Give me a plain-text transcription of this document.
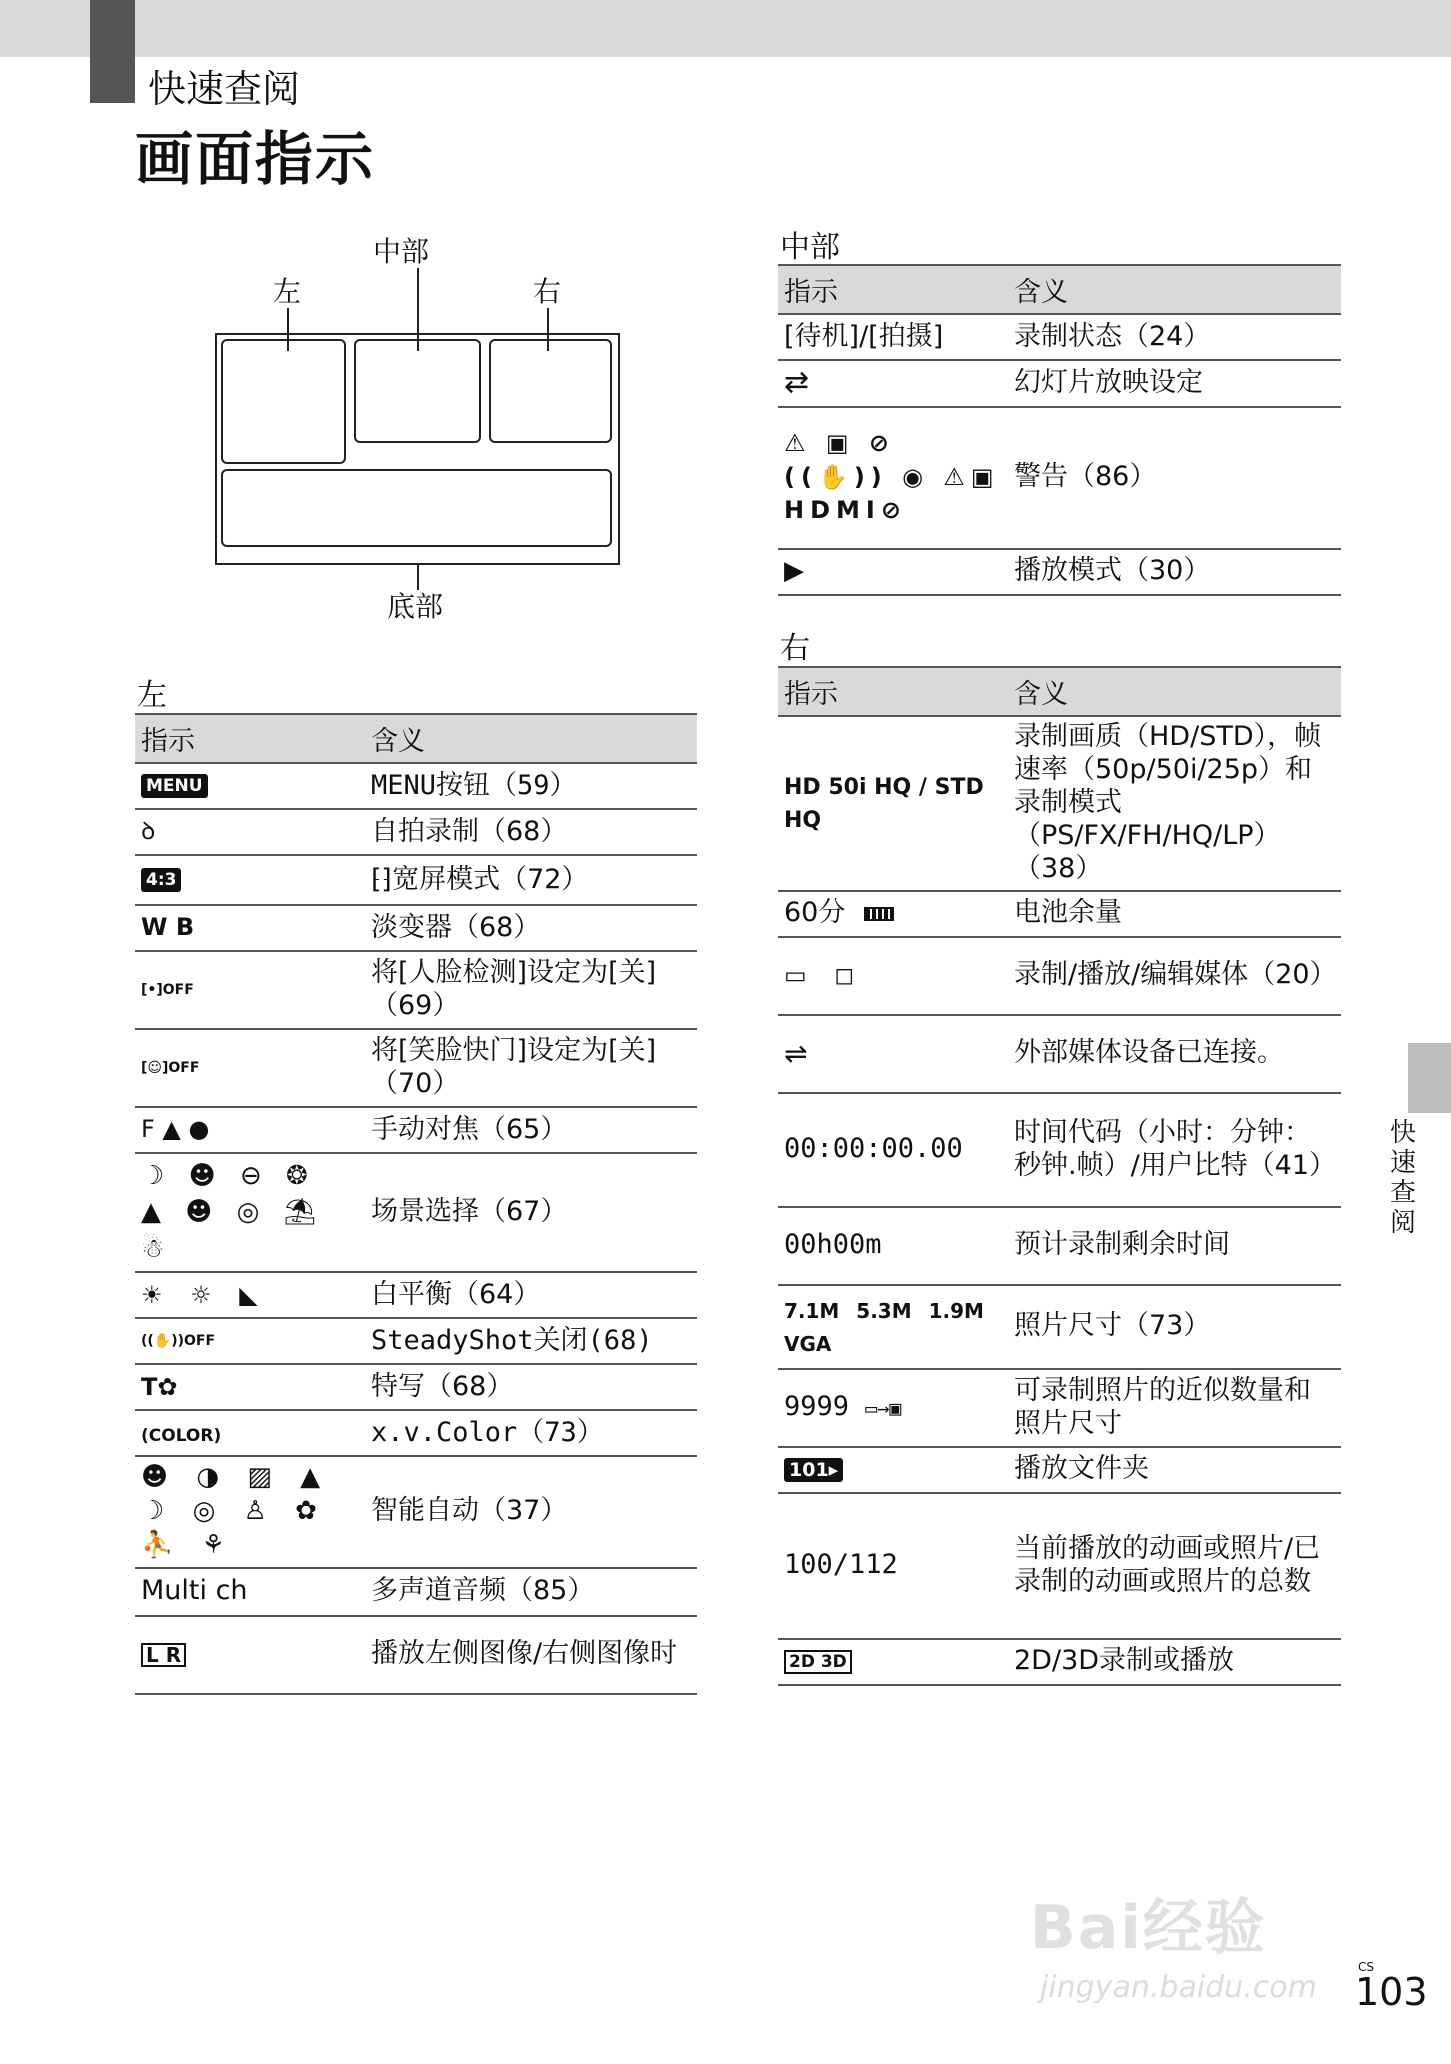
快速查阅
画面指示
中部
左	右
底部
左
指示	含义
MENU	MENU按钮（59）
ꝺ	自拍录制（68）
4:3	⁅⁆宽屏模式（72）
W B	淡变器（68）
[•]OFF	将[人脸检测]设定为[关]（69）
[☺]OFF	将[笑脸快门]设定为[关]（70）
F ▲ ●	手动对焦（65）
☽ ☻ ⊖ ❂ ▲ ☻ ◎ ⛱ ☃	场景选择（67）
☀ ☼ ◣	白平衡（64）
((✋))OFF	SteadyShot关闭(68)
T✿	特写（68）
(COLOR)	x.v.Color（73）
☻ ◑ ▨ ▲ ☽ ◎ ♙ ✿ ⛹ ⚘	智能自动（37）
Multi ch	多声道音频（85）
L R	播放左侧图像/右侧图像时
中部
指示	含义
[待机]/[拍摄]	录制状态（24）
⇄	幻灯片放映设定
⚠ ▣ ⊘ ((✋)) ◉ ⚠▣ HDMI⊘	警告（86）
▶	播放模式（30）
右
指示	含义
HD 50i HQ / STD HQ	录制画质（HD/STD），帧速率（50p/50i/25p）和录制模式（PS/FX/FH/HQ/LP）（38）
60分	电池余量
▭ ◻	录制/播放/编辑媒体（20）
⇌	外部媒体设备已连接。
00:00:00.00	时间代码（小时：分钟：秒钟.帧）/用户比特（41）
00h00m	预计录制剩余时间
7.1M 5.3M 1.9M VGA	照片尺寸（73）
9999 ▭→▣	可录制照片的近似数量和照片尺寸
101▸	播放文件夹
100/112	当前播放的动画或照片/已录制的动画或照片的总数
2D 3D	2D/3D录制或播放
快速查阅
Bai经验
jingyan.baidu.com
CS
103
